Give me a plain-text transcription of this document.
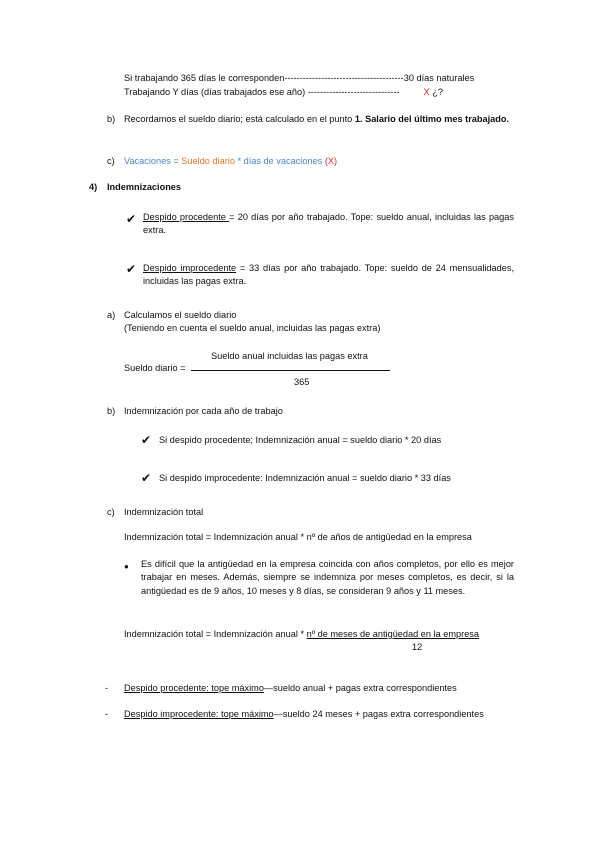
Si trabajando 365 días le corresponden---------------------------------------30 días naturales
Trabajando Y días (días trabajados ese año) ------------------------------	X ¿?
b) Recordamos el sueldo diario; está calculado en el punto 1. Salario del último mes trabajado.
c) Vacaciones = Sueldo diario * días de vacaciones (X)
4) Indemnizaciones
✔ Despido procedente = 20 días por año trabajado. Tope: sueldo anual, incluidas las pagas extra.
✔ Despido improcedente = 33 días por año trabajado. Tope: sueldo de 24 mensualidades, incluidas las pagas extra.
a) Calculamos el sueldo diario
(Teniendo en cuenta el sueldo anual, incluidas las pagas extra)
Sueldo anual incluidas las pagas extra
Sueldo diario =
365
b) Indemnización por cada año de trabajo
✔ Si despido procedente; Indemnización anual = sueldo diario * 20 días
✔ Si despido improcedente: Indemnización anual = sueldo diario * 33 días
c) Indemnización total
Indemnización total = Indemnización anual * nº de años de antigüedad en la empresa
● Es difícil que la antigüedad en la empresa coincida con años completos, por ello es mejor trabajar en meses. Además, siempre se indemniza por meses completos, es decir, si la antigüedad es de 9 años, 10 meses y 8 días, se consideran 9 años y 11 meses.
Indemnización total = Indemnización anual * nº de meses de antigüedad en la empresa
12
- Despido procedente: tope máximo—sueldo anual + pagas extra correspondientes
- Despido improcedente: tope máximo—sueldo 24 meses + pagas extra correspondientes
